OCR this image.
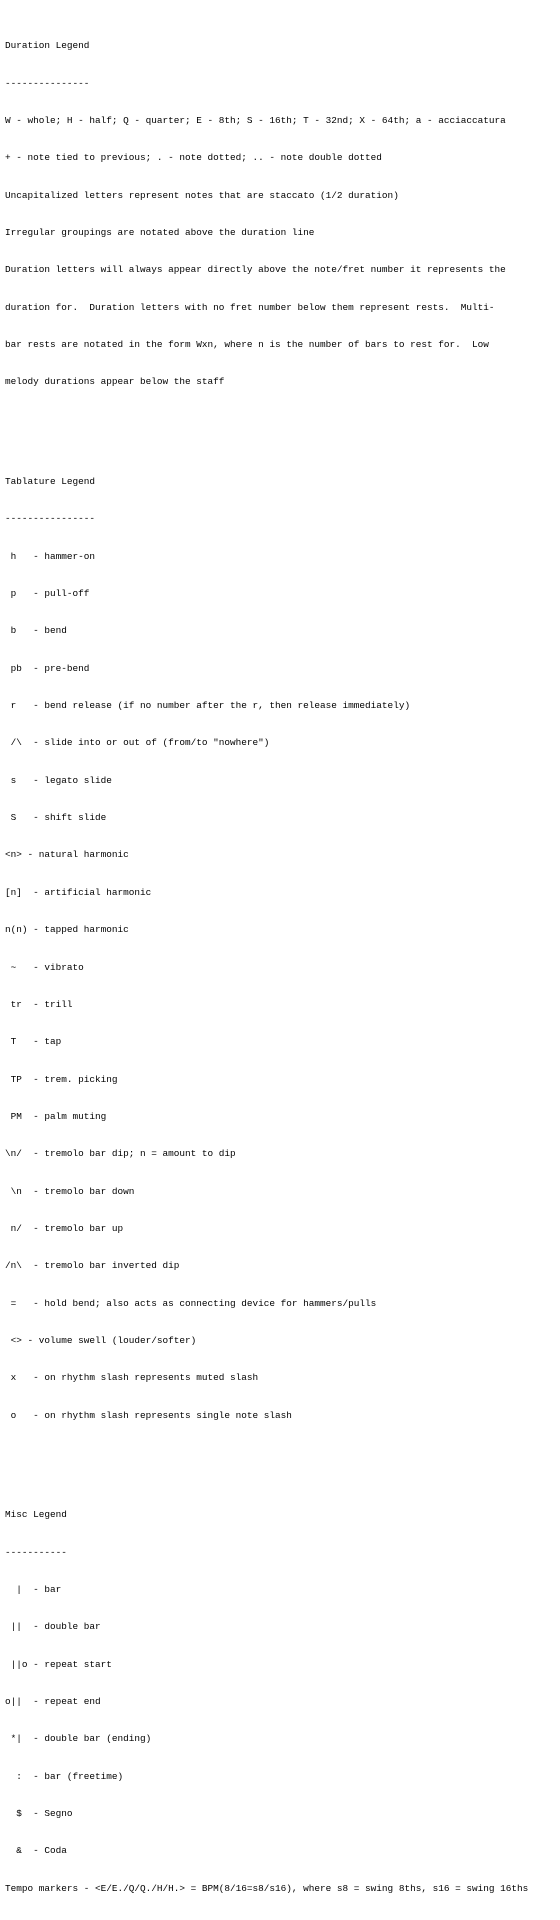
Duration Legend

---------------

W - whole; H - half; Q - quarter; E - 8th; S - 16th; T - 32nd; X - 64th; a - acciaccatura

+ - note tied to previous; . - note dotted; .. - note double dotted

Uncapitalized letters represent notes that are staccato (1/2 duration)

Irregular groupings are notated above the duration line

Duration letters will always appear directly above the note/fret number it represents the

duration for.  Duration letters with no fret number below them represent rests.  Multi-

bar rests are notated in the form Wxn, where n is the number of bars to rest for.  Low

melody durations appear below the staff

Tablature Legend

----------------

h   - hammer-on

p   - pull-off

b   - bend

pb  - pre-bend

r   - bend release (if no number after the r, then release immediately)

/\  - slide into or out of (from/to "nowhere")

s   - legato slide

S   - shift slide

<n> - natural harmonic

[n]  - artificial harmonic

n(n) - tapped harmonic

~   - vibrato

tr  - trill

T   - tap

TP  - trem. picking

PM  - palm muting

\n/  - tremolo bar dip; n = amount to dip

\n  - tremolo bar down

n/  - tremolo bar up

/n\  - tremolo bar inverted dip

=   - hold bend; also acts as connecting device for hammers/pulls

<> - volume swell (louder/softer)

x   - on rhythm slash represents muted slash

o   - on rhythm slash represents single note slash

Misc Legend

-----------

|  - bar

||  - double bar

||o - repeat start

o||  - repeat end

*|  - double bar (ending)

:  - bar (freetime)

$  - Segno

&  - Coda

Tempo markers - <E/E./Q/Q./H/H.> = BPM(8/16=s8/s16), where s8 = swing 8ths, s16 = swing 16ths
